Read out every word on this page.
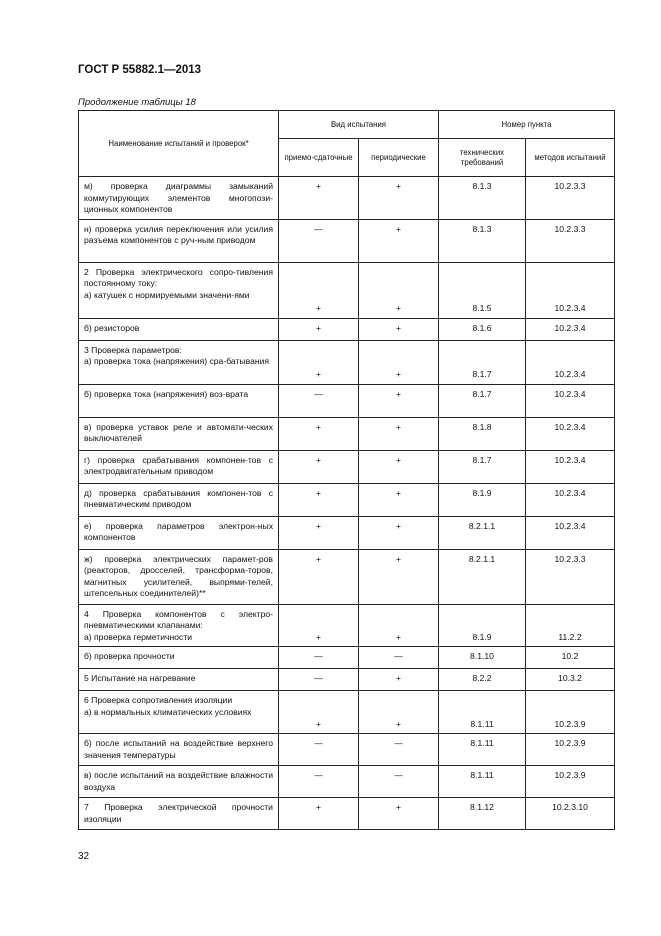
ГОСТ Р 55882.1—2013
Продолжение таблицы 18
Наименование испытаний и проверок*	Вид испытания		Номер пункта	
	приемо-сдаточные	периодические	технических требований	методов испытаний

м) проверка диаграммы замыканий коммутирующих элементов многопози-ционных компонентов	+	+	8.1.3	10.2.3.3

н) проверка усилия переключения или усилия разъема компонентов с руч-ным приводом	—	+	8.1.3	10.2.3.3

2 Проверка электрического сопро-тивления постоянному току:
а) катушек с нормируемыми значени-ями	+	+	8.1.5	10.2.3.4

б) резисторов	+	+	8.1.6	10.2.3.4

3 Проверка параметров:
а) проверка тока (напряжения) сра-батывания	+	+	8.1.7	10.2.3.4

б) проверка тока (напряжения) воз-врата	—	+	8.1.7	10.2.3.4

в) проверка уставок реле и автомати-ческих выключателей	+	+	8.1.8	10.2.3.4

г) проверка срабатывания компонен-тов с электродвигательным приводом	+	+	8.1.7	10.2.3.4

д) проверка срабатывания компонен-тов с пневматическим приводом	+	+	8.1.9	10.2.3.4

е) проверка параметров электрон-ных компонентов	+	+	8.2.1.1	10.2.3.4

ж) проверка электрических парамет-ров (реакторов, дросселей, трансформа-торов, магнитных усилителей, выпрями-телей, штепсельных соединителей)**	+	+	8.2.1.1	10.2.3.3

4 Проверка компонентов с электро-пневматическими клапанами:
а) проверка герметичности	+	+	8.1.9	11.2.2

б) проверка прочности	—	—	8.1.10	10.2

5 Испытание на нагревание	—	+	8.2.2	10.3.2

6 Проверка сопротивления изоляции
а) в нормальных климатических условиях	+	+	8.1.11	10.2.3.9

б) после испытаний на воздействие верхнего значения температуры	—	—	8.1.11	10.2.3.9

в) после испытаний на воздействие влажности воздуха	—	—	8.1.11	10.2.3.9

7 Проверка электрической прочности изоляции	+	+	8.1.12	10.2.3.10
32
